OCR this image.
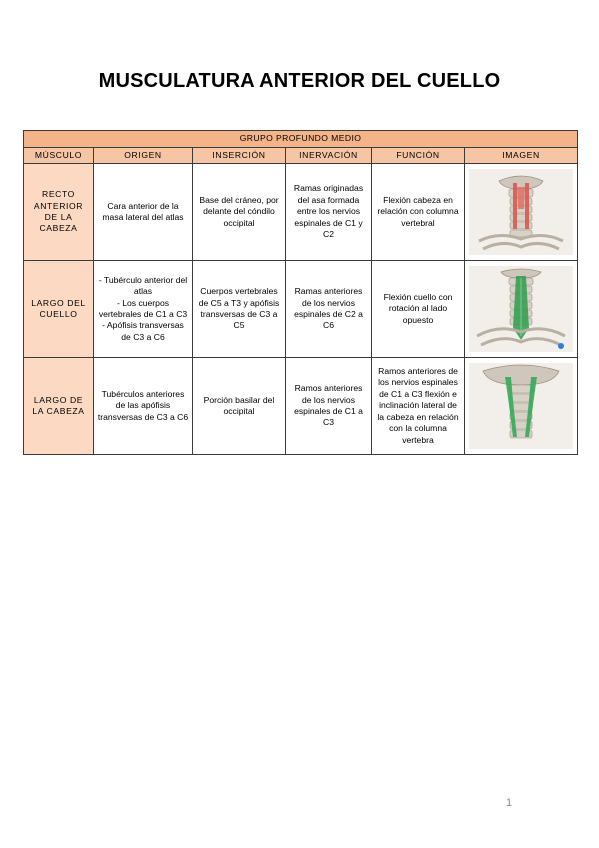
MUSCULATURA ANTERIOR DEL CUELLO
GRUPO PROFUNDO MEDIO					
MÚSCULO	ORIGEN	INSERCIÓN	INERVACIÓN	FUNCIÓN	IMAGEN
RECTO ANTERIOR DE LA CABEZA	Cara anterior de la masa lateral del atlas	Base del cráneo, por delante del cóndilo occipital	Ramas originadas del asa formada entre los nervios espinales de C1 y C2	Flexión cabeza en relación con columna vertebral	

LARGO DEL CUELLO	- Tubérculo anterior del atlas
- Los cuerpos vertebrales de C1 a C3
- Apófisis transversas de C3 a C6	Cuerpos vertebrales de C5 a T3 y apófisis transversas de C3 a C5	Ramas anteriores de los nervios espinales de C2 a C6	Flexión cuello con rotación al lado opuesto	

LARGO DE LA CABEZA	Tubérculos anteriores de las apófisis transversas de C3 a C6	Porción basilar del occipital	Ramos anteriores de los nervios espinales de C1 a C3	Ramos anteriores de los nervios espinales de C1 a C3 flexión e inclinación lateral de la cabeza en relación con la columna vertebra	
1
